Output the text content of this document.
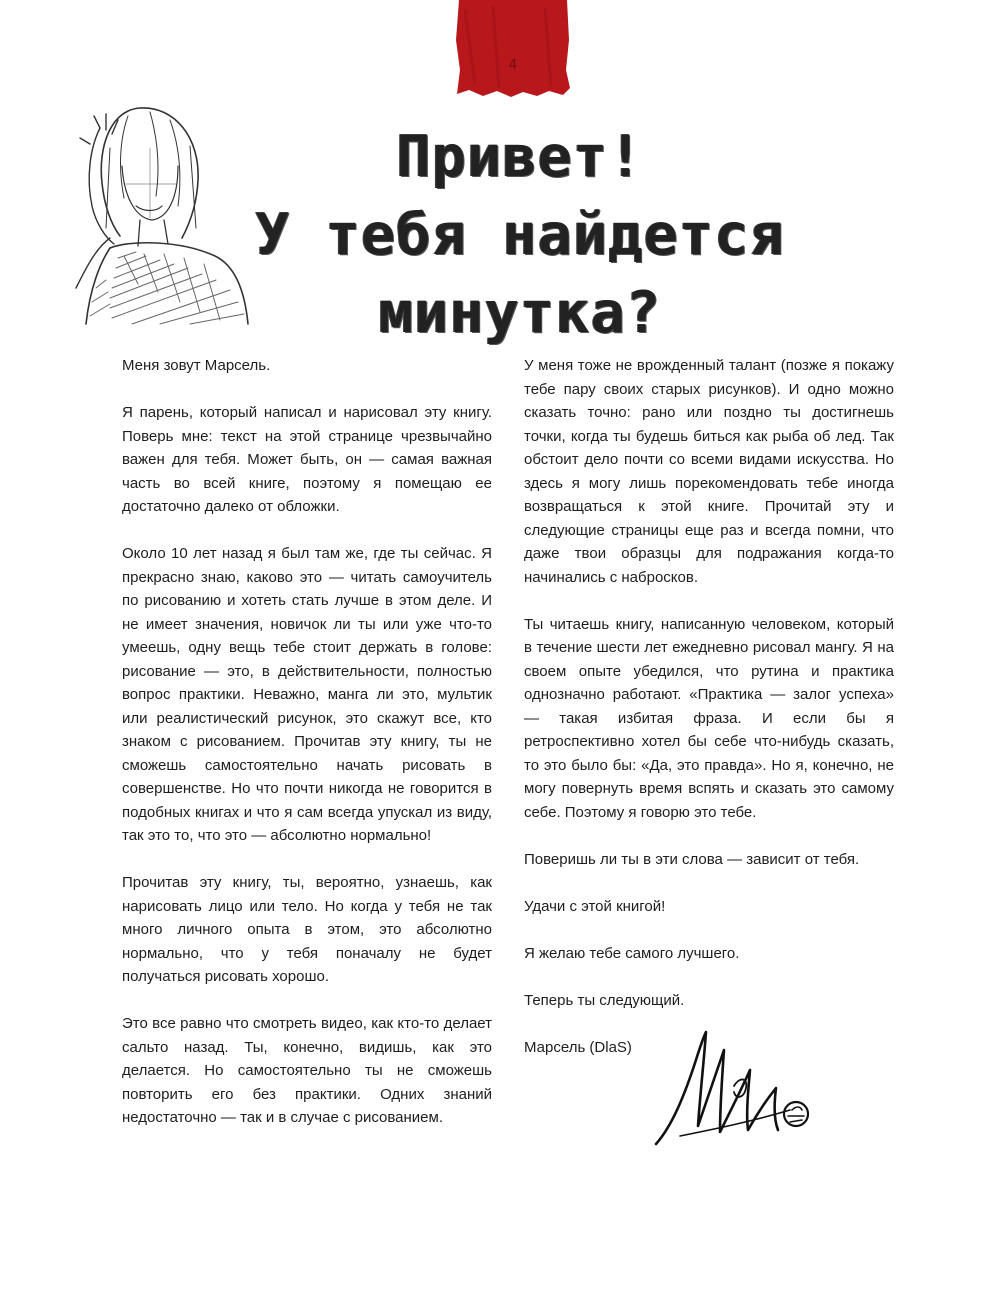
4
Привет!
У тебя найдется
минутка?

Меня зовут Марсель.

Я парень, который написал и нарисовал эту книгу. Поверь мне: текст на этой странице чрезвычайно важен для тебя. Может быть, он — самая важная часть во всей книге, поэтому я помещаю ее достаточно далеко от обложки.

Около 10 лет назад я был там же, где ты сейчас. Я прекрасно знаю, каково это — читать самоучитель по рисованию и хотеть стать лучше в этом деле. И не имеет значения, новичок ли ты или уже что-то умеешь, одну вещь тебе стоит держать в голове: рисование — это, в действительности, полностью вопрос практики. Неважно, манга ли это, мультик или реалистический рисунок, это скажут все, кто знаком с рисованием. Прочитав эту книгу, ты не сможешь самостоятельно начать рисовать в совершенстве. Но что почти никогда не говорится в подобных книгах и что я сам всегда упускал из виду, так это то, что это — абсолютно нормально!

Прочитав эту книгу, ты, вероятно, узнаешь, как нарисовать лицо или тело. Но когда у тебя не так много личного опыта в этом, это абсолютно нормально, что у тебя поначалу не будет получаться рисовать хорошо.

Это все равно что смотреть видео, как кто-то делает сальто назад. Ты, конечно, видишь, как это делается. Но самостоятельно ты не сможешь повторить его без практики. Одних знаний недостаточно — так и в случае с рисованием.

У меня тоже не врожденный талант (позже я покажу тебе пару своих старых рисунков). И одно можно сказать точно: рано или поздно ты достигнешь точки, когда ты будешь биться как рыба об лед. Так обстоит дело почти со всеми видами искусства. Но здесь я могу лишь порекомендовать тебе иногда возвращаться к этой книге. Прочитай эту и следующие страницы еще раз и всегда помни, что даже твои образцы для подражания когда-то начинались с набросков.

Ты читаешь книгу, написанную человеком, который в течение шести лет ежедневно рисовал мангу. Я на своем опыте убедился, что рутина и практика однозначно работают. «Практика — залог успеха» — такая избитая фраза. И если бы я ретроспективно хотел бы себе что-нибудь сказать, то это было бы: «Да, это правда». Но я, конечно, не могу повернуть время вспять и сказать это самому себе. Поэтому я говорю это тебе.

Поверишь ли ты в эти слова — зависит от тебя.

Удачи с этой книгой!

Я желаю тебе самого лучшего.

Теперь ты следующий.

Марсель (DlaS)
